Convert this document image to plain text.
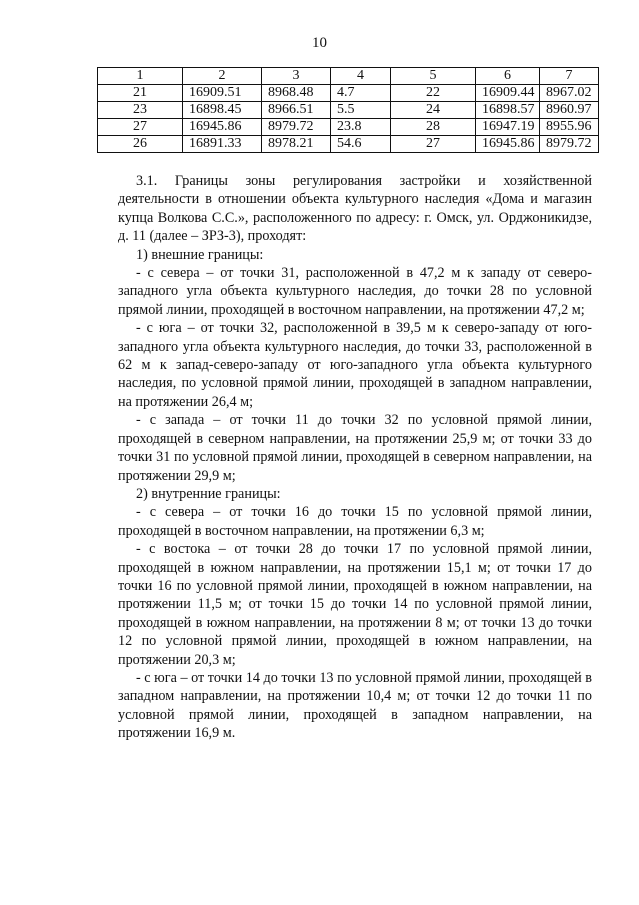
10
1	2	3	4	5	6	7
21	16909.51	8968.48	4.7	22	16909.44	8967.02
23	16898.45	8966.51	5.5	24	16898.57	8960.97
27	16945.86	8979.72	23.8	28	16947.19	8955.96
26	16891.33	8978.21	54.6	27	16945.86	8979.72

3.1. Границы зоны регулирования застройки и хозяйственной деятельности в отношении объекта культурного наследия «Дома и магазин купца Волкова С.С.», расположенного по адресу: г. Омск, ул. Орджоникидзе, д. 11 (далее – ЗРЗ-3), проходят:

1) внешние границы:

- с севера – от точки 31, расположенной в 47,2 м к западу от северо-западного угла объекта культурного наследия, до точки 28 по условной прямой линии, проходящей в восточном направлении, на протяжении 47,2 м;

- с юга – от точки 32, расположенной в 39,5 м к северо-западу от юго-западного угла объекта культурного наследия, до точки 33, расположенной в 62 м к запад-северо-западу от юго-западного угла объекта культурного наследия, по условной прямой линии, проходящей в западном направлении, на протяжении 26,4 м;

- с запада – от точки 11 до точки 32 по условной прямой линии, проходящей в северном направлении, на протяжении 25,9 м; от точки 33 до точки 31 по условной прямой линии, проходящей в северном направлении, на протяжении 29,9 м;

2) внутренние границы:

- с севера – от точки 16 до точки 15 по условной прямой линии, проходящей в восточном направлении, на протяжении 6,3 м;

- с востока – от точки 28 до точки 17 по условной прямой линии, проходящей в южном направлении, на протяжении 15,1 м; от точки 17 до точки 16 по условной прямой линии, проходящей в южном направлении, на протяжении 11,5 м; от точки 15 до точки 14 по условной прямой линии, проходящей в южном направлении, на протяжении 8 м; от точки 13 до точки 12 по условной прямой линии, проходящей в южном направлении, на протяжении 20,3 м;

- с юга – от точки 14 до точки 13 по условной прямой линии, проходящей в западном направлении, на протяжении 10,4 м; от точки 12 до точки 11 по условной прямой линии, проходящей в западном направлении, на протяжении 16,9 м.
